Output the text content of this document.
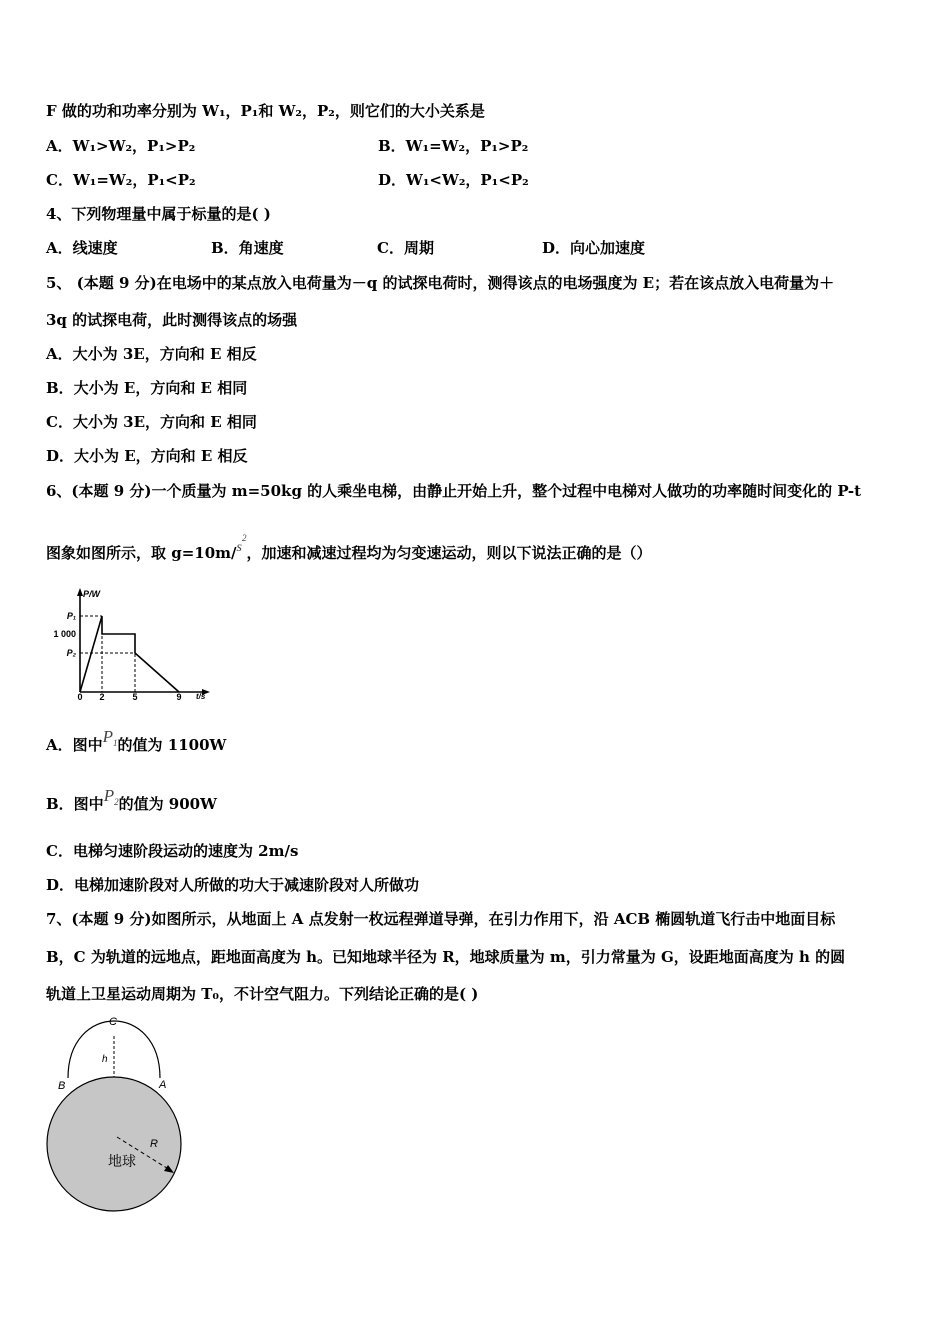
F 做的功和功率分别为 W₁，P₁和 W₂，P₂，则它们的大小关系是
A．W₁>W₂，P₁>P₂	B．W₁=W₂，P₁>P₂
C．W₁=W₂，P₁<P₂	D．W₁<W₂，P₁<P₂
4、下列物理量中属于标量的是( )
A．线速度	B．角速度	C．周期	D．向心加速度
5、 (本题 9 分)在电场中的某点放入电荷量为－q 的试探电荷时，测得该点的电场强度为 E；若在该点放入电荷量为＋
3q 的试探电荷，此时测得该点的场强
A．大小为 3E，方向和 E 相反
B．大小为 E，方向和 E 相同
C．大小为 3E，方向和 E 相同
D．大小为 E，方向和 E 相反
6、(本题 9 分)一个质量为 m=50kg 的人乘坐电梯，由静止开始上升，整个过程中电梯对人做功的功率随时间变化的 P-t
图象如图所示，取 $g=10m/s^2$，加速和减速过程均为匀变速运动，则以下说法正确的是（）
P/W
t/s
P₁
1 000
P₂
0 2	5	9
A．图中$P^1$的值为 1100W
B．图中$P^2$的值为 900W
C．电梯匀速阶段运动的速度为 2m/s
D．电梯加速阶段对人所做的功大于减速阶段对人所做功
7、(本题 9 分)如图所示，从地面上 A 点发射一枚远程弹道导弹，在引力作用下，沿 ACB 椭圆轨道飞行击中地面目标
B，C 为轨道的远地点，距地面高度为 h。已知地球半径为 R，地球质量为 m，引力常量为 G，设距地面高度为 h 的圆
轨道上卫星运动周期为 T₀，不计空气阻力。下列结论正确的是( )
C
h
B	A
R
地球
